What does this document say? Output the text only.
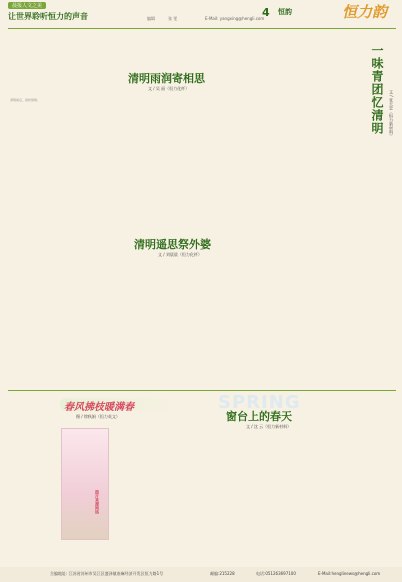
晨报人文之美
让世界聆听恒力的声音	编辑	张 雯	E-Mail: yangxing@hengli.com
4 恒韵	恒力韵
清明雨润寄相思
文 / 吴 丽（恒力化纤）
清明前后，雨丝绵绵。
清明遥思祭外婆
文 / 刘晨晨（恒力化纤）
一味青团忆清明	文 / 张天恋（恒力新材料）
春风拂枝暖满春
摄 / 徐秋娟（恒力英文）
图片来源网络
SPRING
窗台上的春天
文 / 沈 云（恒力新材料）
合编地址: 江苏省苏州市吴江区盛泽镇南麻经济开发区恒力路1号	邮编:215228	电话:051263697100	E-Mail:henglinews@hengli.com
